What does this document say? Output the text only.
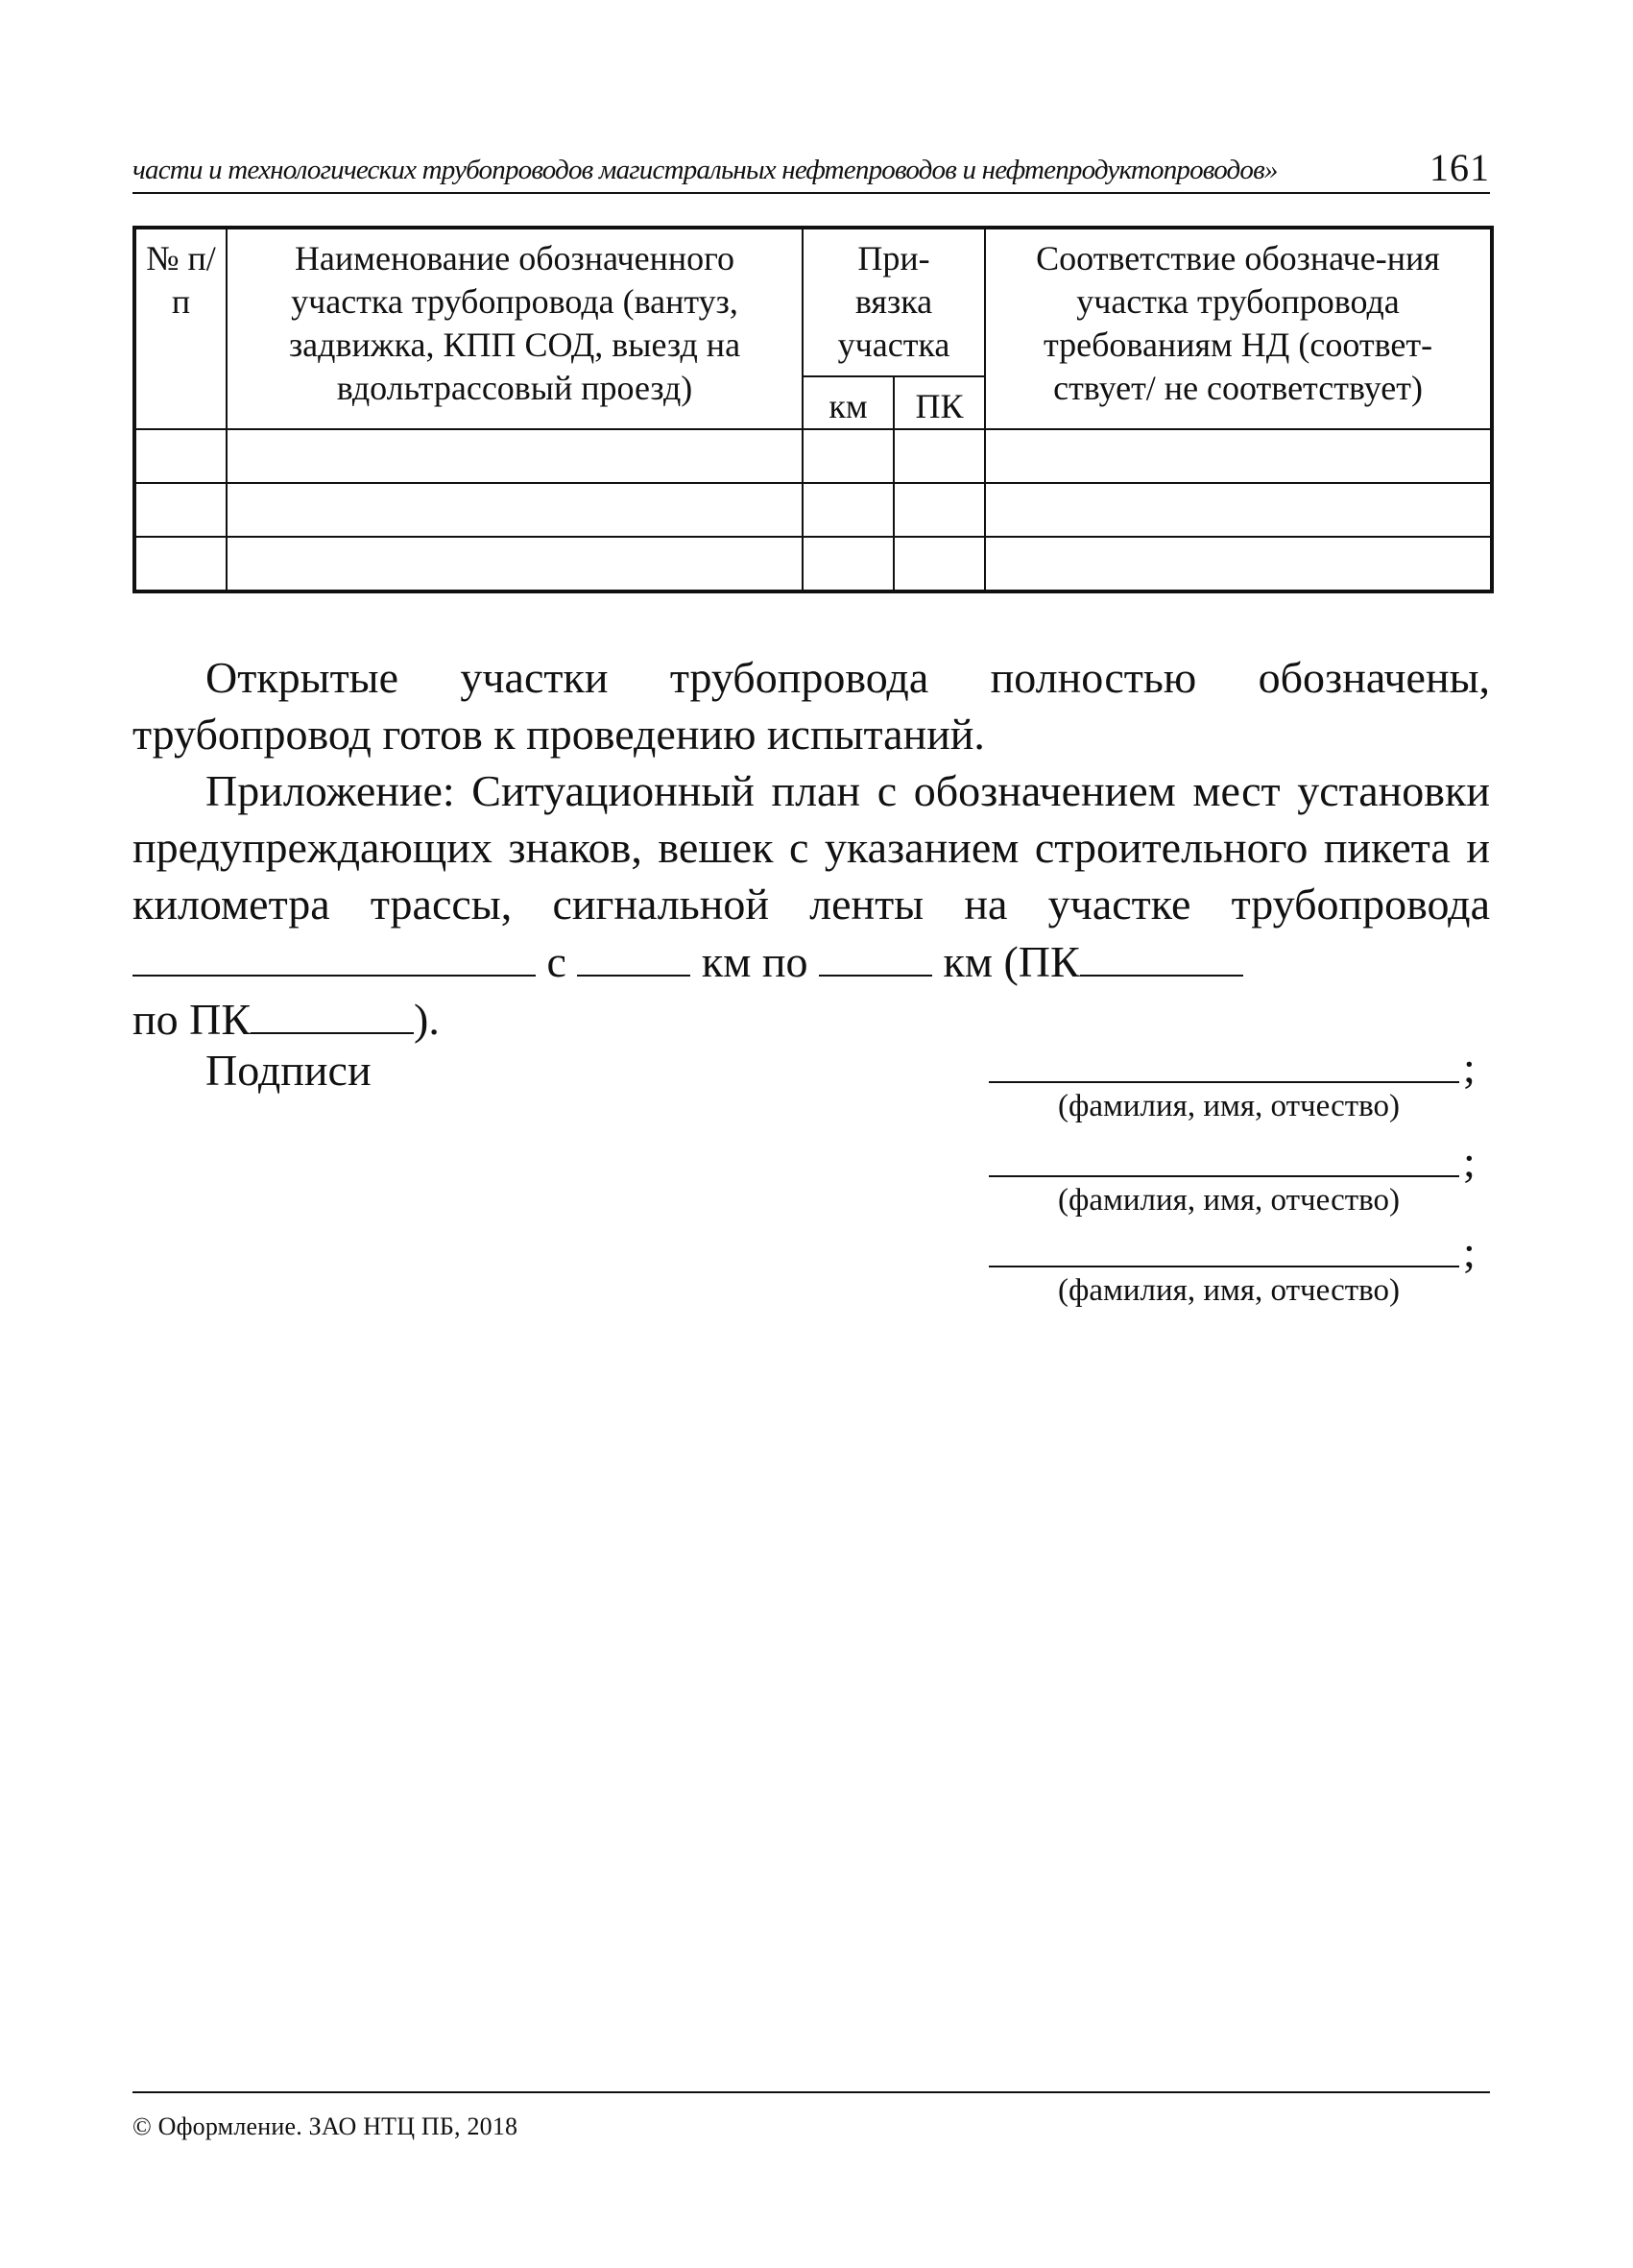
части и технологических трубопроводов магистральных нефтепроводов и нефтепродуктопроводов»	161
№ п/п	Наименование обозначенного участка трубопровода (вантуз, задвижка, КПП СОД, выезд на вдольтрассовый проезд)	При-вязка участка		Соответствие обозначе-ния участка трубопровода требованиям НД (соответ-ствует/ не соответствует)

		км	ПК	

Открытые участки трубопровода полностью обозначены, трубопровод готов к проведению испытаний.

Приложение: Ситуационный план с обозначением мест установки предупреждающих знаков, вешек с указанием строительного пикета и километра трассы, сигнальной ленты на участке трубопровода  с	км по	км (ПК

по ПК	).

Подписи	;
(фамилия, имя, отчество)
;
(фамилия, имя, отчество)
;
(фамилия, имя, отчество)
© Оформление. ЗАО НТЦ ПБ, 2018
